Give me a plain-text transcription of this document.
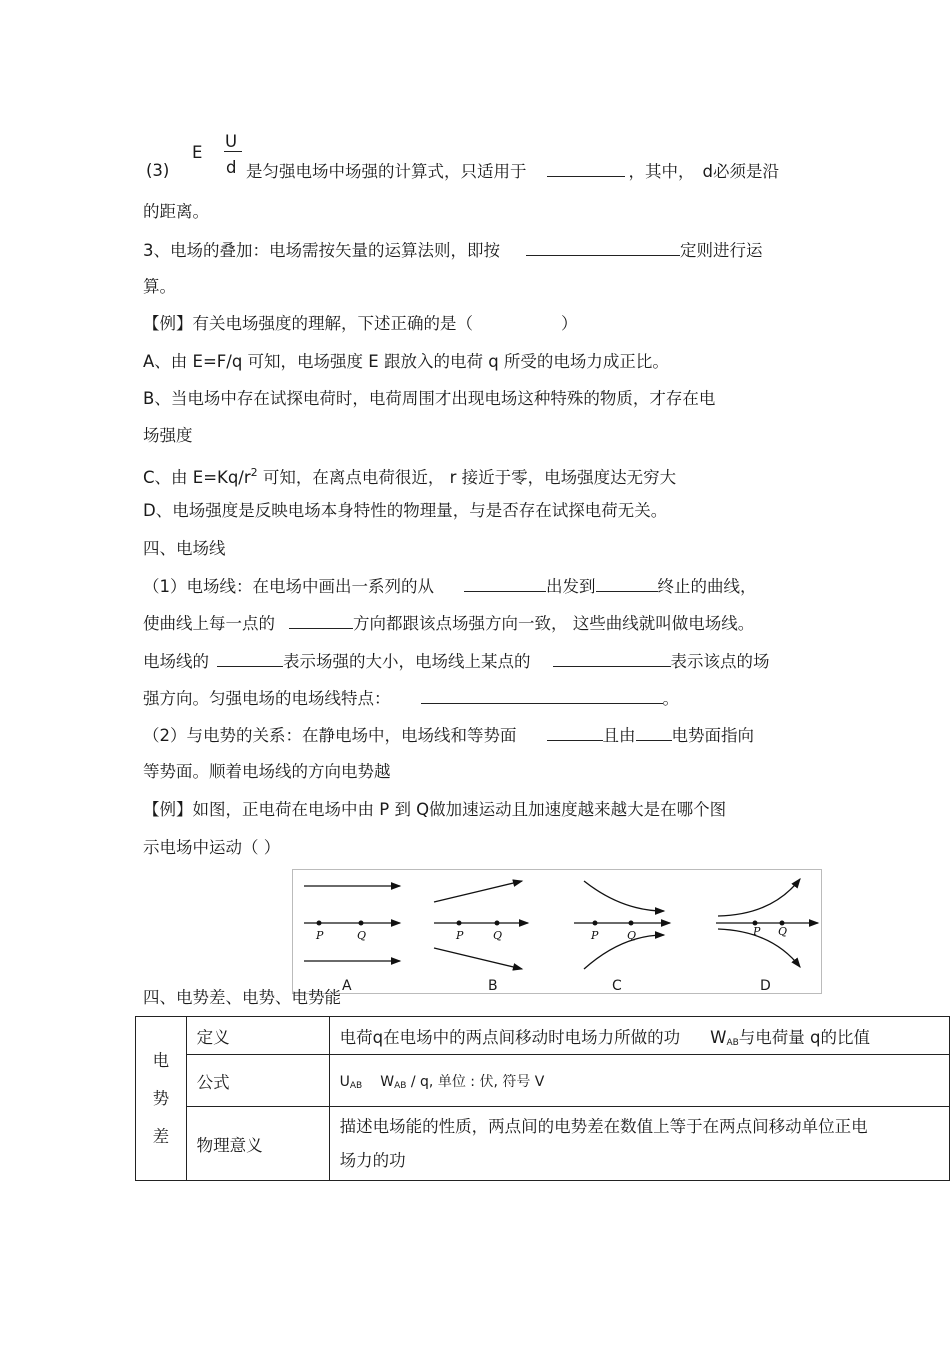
(3)
E
U
d 是匀强电场中场强的计算式，只适用于	，其中， d必须是沿
的距离。
3、电场的叠加：电场需按矢量的运算法则，即按	定则进行运
算。
【例】有关电场强度的理解，下述正确的是（	）
A、由 E=F/q 可知，电场强度 E 跟放入的电荷 q 所受的电场力成正比。
B、当电场中存在试探电荷时，电荷周围才出现电场这种特殊的物质，才存在电
场强度
C、由 $E=Kq/r^2$ 可知，在离点电荷很近， r 接近于零，电场强度达无穷大
D、电场强度是反映电场本身特性的物理量，与是否存在试探电荷无关。
四、电场线
（1）电场线：在电场中画出一系列的从	出发到	终止的曲线，
使曲线上每一点的	方向都跟该点场强方向一致， 这些曲线就叫做电场线。
电场线的	表示场强的大小，电场线上某点的	表示该点的场
强方向。匀强电场的电场线特点：	。
（2）与电势的关系：在静电场中，电场线和等势面	且由 电势面指向
等势面。顺着电场线的方向电势越
【例】如图，正电荷在电场中由 P 到 Q做加速运动且加速度越来越大是在哪个图
示电场中运动（ ）
P	Q	P	Q	P	Q	P Q
A	B	C	D
四、电势差、电势、电势能
电
势
差	定义	电荷q在电场中的两点间移动时电场力所做的功 $W_{AB}$与电荷量 q的比值
	公式	$U_{AB}$ $W_{AB}$ / q, 单位 : 伏, 符号 V
	物理意义	描述电场能的性质，两点间的电势差在数值上等于在两点间移动单位正电
场力的功
